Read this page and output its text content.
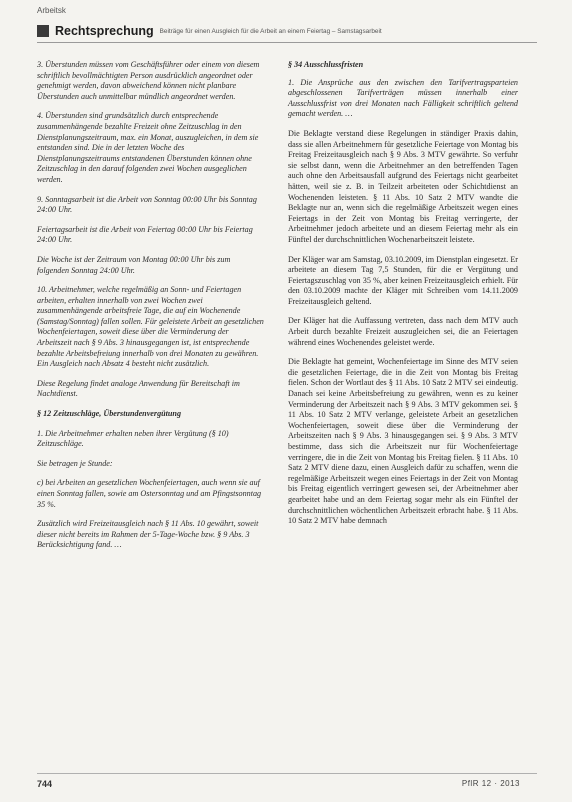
Arbeitsk
Rechtsprechung Beiträge für einen Ausgleich für die Arbeit an einem Feiertag – Samstagsarbeit

3. Überstunden müssen vom Geschäftsführer oder einem von diesem schriftlich bevollmächtigten Person ausdrücklich angeordnet oder genehmigt werden, davon abweichend können nicht planbare Überstunden auch unmittelbar mündlich angeordnet werden.

4. Überstunden sind grundsätzlich durch entsprechende zusammenhängende bezahlte Freizeit ohne Zeitzuschlag in den Dienstplanungszeitraum, max. ein Monat, auszugleichen, in dem sie entstanden sind. Die in der letzten Woche des Dienstplanungszeitraums entstandenen Überstunden können ohne Zeitzuschlag in den darauf folgenden zwei Wochen ausgeglichen werden.

9. Sonntagsarbeit ist die Arbeit von Sonntag 00:00 Uhr bis Sonntag 24:00 Uhr.

Feiertagsarbeit ist die Arbeit von Feiertag 00:00 Uhr bis Feiertag 24:00 Uhr.

Die Woche ist der Zeitraum von Montag 00:00 Uhr bis zum folgenden Sonntag 24:00 Uhr.

10. Arbeitnehmer, welche regelmäßig an Sonn- und Feiertagen arbeiten, erhalten innerhalb von zwei Wochen zwei zusammenhängende arbeitsfreie Tage, die auf ein Wochenende (Samstag/Sonntag) fallen sollen. Für geleistete Arbeit an gesetzlichen Wochenfeiertagen, soweit diese über die Verminderung der Arbeitszeit nach § 9 Abs. 3 hinausgegangen ist, ist entsprechende bezahlte Arbeitsbefreiung innerhalb von drei Monaten zu gewähren. Ein Ausgleich nach Absatz 4 besteht nicht zusätzlich.

Diese Regelung findet analoge Anwendung für Bereitschaft im Nachtdienst.

§ 12 Zeitzuschläge, Überstundenvergütung

1. Die Arbeitnehmer erhalten neben ihrer Vergütung (§ 10) Zeitzuschläge.

Sie betragen je Stunde:

c) bei Arbeiten an gesetzlichen Wochenfeiertagen, auch wenn sie auf einen Sonntag fallen, sowie am Ostersonntag und am Pfingstsonntag 35 %.

Zusätzlich wird Freizeitausgleich nach § 11 Abs. 10 gewährt, soweit dieser nicht bereits im Rahmen der 5-Tage-Woche bzw. § 9 Abs. 3 Berücksichtigung fand. …

§ 34 Ausschlussfristen

1. Die Ansprüche aus den zwischen den Tarifvertragsparteien abgeschlossenen Tarifverträgen müssen innerhalb einer Ausschlussfrist von drei Monaten nach Fälligkeit schriftlich geltend gemacht werden. …

Die Beklagte verstand diese Regelungen in ständiger Praxis dahin, dass sie allen Arbeitnehmern für gesetzliche Feiertage von Montag bis Freitag Freizeitausgleich nach § 9 Abs. 3 MTV gewährte. So verfuhr sie selbst dann, wenn die Arbeitnehmer an den betreffenden Tagen auch ohne den Arbeitsausfall aufgrund des Feiertags nicht gearbeitet hätten, weil sie z. B. in Teilzeit arbeiteten oder Schichtdienst an Wochenenden leisteten. § 11 Abs. 10 Satz 2 MTV wandte die Beklagte nur an, wenn sich die regelmäßige Arbeitszeit wegen eines Feiertags in der Zeit von Montag bis Freitag verringerte, der Arbeitnehmer jedoch arbeitete und an diesem Feiertag mehr als ein Fünftel der durchschnittlichen Wochenarbeitszeit leistete.

Der Kläger war am Samstag, 03.10.2009, im Dienstplan eingesetzt. Er arbeitete an diesem Tag 7,5 Stunden, für die er Vergütung und Feiertagszuschlag von 35 %, aber keinen Freizeitausgleich erhielt. Für den 03.10.2009 machte der Kläger mit Schreiben vom 14.11.2009 Freizeitausgleich geltend.

Der Kläger hat die Auffassung vertreten, dass nach dem MTV auch Arbeit durch bezahlte Freizeit auszugleichen sei, die an Feiertagen während eines Wochenendes geleistet werde.

Die Beklagte hat gemeint, Wochenfeiertage im Sinne des MTV seien die gesetzlichen Feiertage, die in die Zeit von Montag bis Freitag fielen. Schon der Wortlaut des § 11 Abs. 10 Satz 2 MTV sei eindeutig. Danach sei keine Arbeitsbefreiung zu gewähren, wenn es zu keiner Verminderung der Arbeitszeit nach § 9 Abs. 3 MTV gekommen sei. § 11 Abs. 10 Satz 2 MTV verlange, geleistete Arbeit an gesetzlichen Wochenfeiertagen, soweit diese über die Verminderung der Arbeitszeiten nach § 9 Abs. 3 hinausgegangen sei. § 9 Abs. 3 MTV bestimme, dass sich die Arbeitszeit nur für Wochenfeiertage verringere, die in die Zeit von Montag bis Freitag fielen. § 11 Abs. 10 Satz 2 MTV diene dazu, einen Ausgleich dafür zu schaffen, wenn die regelmäßige Arbeitszeit wegen eines Feiertags in der Zeit von Montag bis Freitag eigentlich verringert gewesen sei, der Arbeitnehmer aber gearbeitet habe und an dem Feiertag sogar mehr als ein Fünftel der durchschnittlichen wöchentlichen Arbeitszeit erbracht habe. § 11 Abs. 10 Satz 2 MTV habe demnach

744	PflR 12 · 2013
